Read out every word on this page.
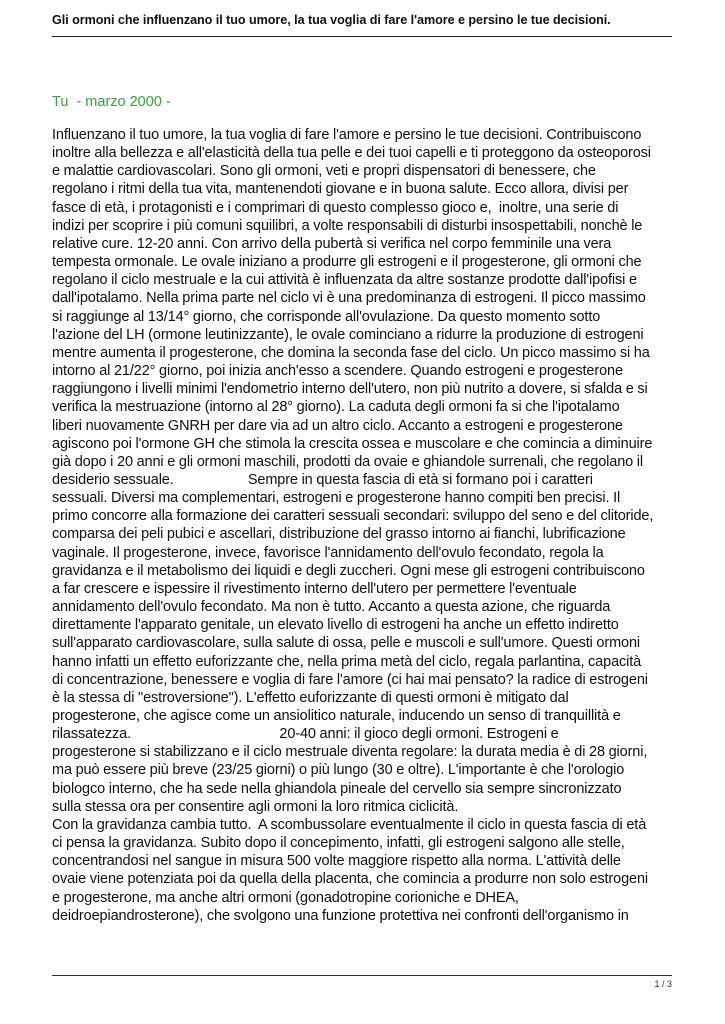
Gli ormoni che influenzano il tuo umore, la tua voglia di fare l'amore e persino le tue decisioni.
Tu  - marzo 2000 -
Influenzano il tuo umore, la tua voglia di fare l'amore e persino le tue decisioni. Contribuiscono
inoltre alla bellezza e all'elasticità della tua pelle e dei tuoi capelli e ti proteggono da osteoporosi
e malattie cardiovascolari. Sono gli ormoni, veti e propri dispensatori di benessere, che
regolano i ritmi della tua vita, mantenendoti giovane e in buona salute. Ecco allora, divisi per
fasce di età, i protagonisti e i comprimari di questo complesso gioco e,  inoltre, una serie di
indizi per scoprire i più comuni squilibri, a volte responsabili di disturbi insospettabili, nonchè le
relative cure. 12-20 anni. Con arrivo della pubertà si verifica nel corpo femminile una vera
tempesta ormonale. Le ovale iniziano a produrre gli estrogeni e il progesterone, gli ormoni che
regolano il ciclo mestruale e la cui attività è influenzata da altre sostanze prodotte dall'ipofisi e
dall'ipotalamo. Nella prima parte nel ciclo vi è una predominanza di estrogeni. Il picco massimo
si raggiunge al 13/14° giorno, che corrisponde all'ovulazione. Da questo momento sotto
l'azione del LH (ormone leutinizzante), le ovale cominciano a ridurre la produzione di estrogeni
mentre aumenta il progesterone, che domina la seconda fase del ciclo. Un picco massimo si ha
intorno al 21/22° giorno, poi inizia anch'esso a scendere. Quando estrogeni e progesterone
raggiungono i livelli minimi l'endometrio interno dell'utero, non più nutrito a dovere, si sfalda e si
verifica la mestruazione (intorno al 28° giorno). La caduta degli ormoni fa si che l'ipotalamo
liberi nuovamente GNRH per dare via ad un altro ciclo. Accanto a estrogeni e progesterone
agiscono poi l'ormone GH che stimola la crescita ossea e muscolare e che comincia a diminuire
già dopo i 20 anni e gli ormoni maschili, prodotti da ovaie e ghiandole surrenali, che regolano il
desiderio sessuale.                    Sempre in questa fascia di età si formano poi i caratteri
sessuali. Diversi ma complementari, estrogeni e progesterone hanno compiti ben precisi. Il
primo concorre alla formazione dei caratteri sessuali secondari: sviluppo del seno e del clitoride,
comparsa dei peli pubici e ascellari, distribuzione del grasso intorno ai fianchi, lubrificazione
vaginale. Il progesterone, invece, favorisce l'annidamento dell'ovulo fecondato, regola la
gravidanza e il metabolismo dei liquidi e degli zuccheri. Ogni mese gli estrogeni contribuiscono
a far crescere e ispessire il rivestimento interno dell'utero per permettere l'eventuale
annidamento dell'ovulo fecondato. Ma non è tutto. Accanto a questa azione, che riguarda
direttamente l'apparato genitale, un elevato livello di estrogeni ha anche un effetto indiretto
sull'apparato cardiovascolare, sulla salute di ossa, pelle e muscoli e sull'umore. Questi ormoni
hanno infatti un effetto euforizzante che, nella prima metà del ciclo, regala parlantina, capacità
di concentrazione, benessere e voglia di fare l'amore (ci hai mai pensato? la radice di estrogeni
è la stessa di "estroversione"). L'effetto euforizzante di questi ormoni è mitigato dal
progesterone, che agisce come un ansiolitico naturale, inducendo un senso di tranquillità e
rilassatezza.                                        20-40 anni: il gioco degli ormoni. Estrogeni e
progesterone si stabilizzano e il ciclo mestruale diventa regolare: la durata media è di 28 giorni,
ma può essere più breve (23/25 giorni) o più lungo (30 e oltre). L'importante è che l'orologio
biologco interno, che ha sede nella ghiandola pineale del cervello sia sempre sincronizzato
sulla stessa ora per consentire agli ormoni la loro ritmica ciclicità.
Con la gravidanza cambia tutto.  A scombussolare eventualmente il ciclo in questa fascia di età
ci pensa la gravidanza. Subito dopo il concepimento, infatti, gli estrogeni salgono alle stelle,
concentrandosi nel sangue in misura 500 volte maggiore rispetto alla norma. L'attività delle
ovaie viene potenziata poi da quella della placenta, che comincia a produrre non solo estrogeni
e progesterone, ma anche altri ormoni (gonadotropine corioniche e DHEA,
deidroepiandrosterone), che svolgono una funzione protettiva nei confronti dell'organismo in
1 / 3
